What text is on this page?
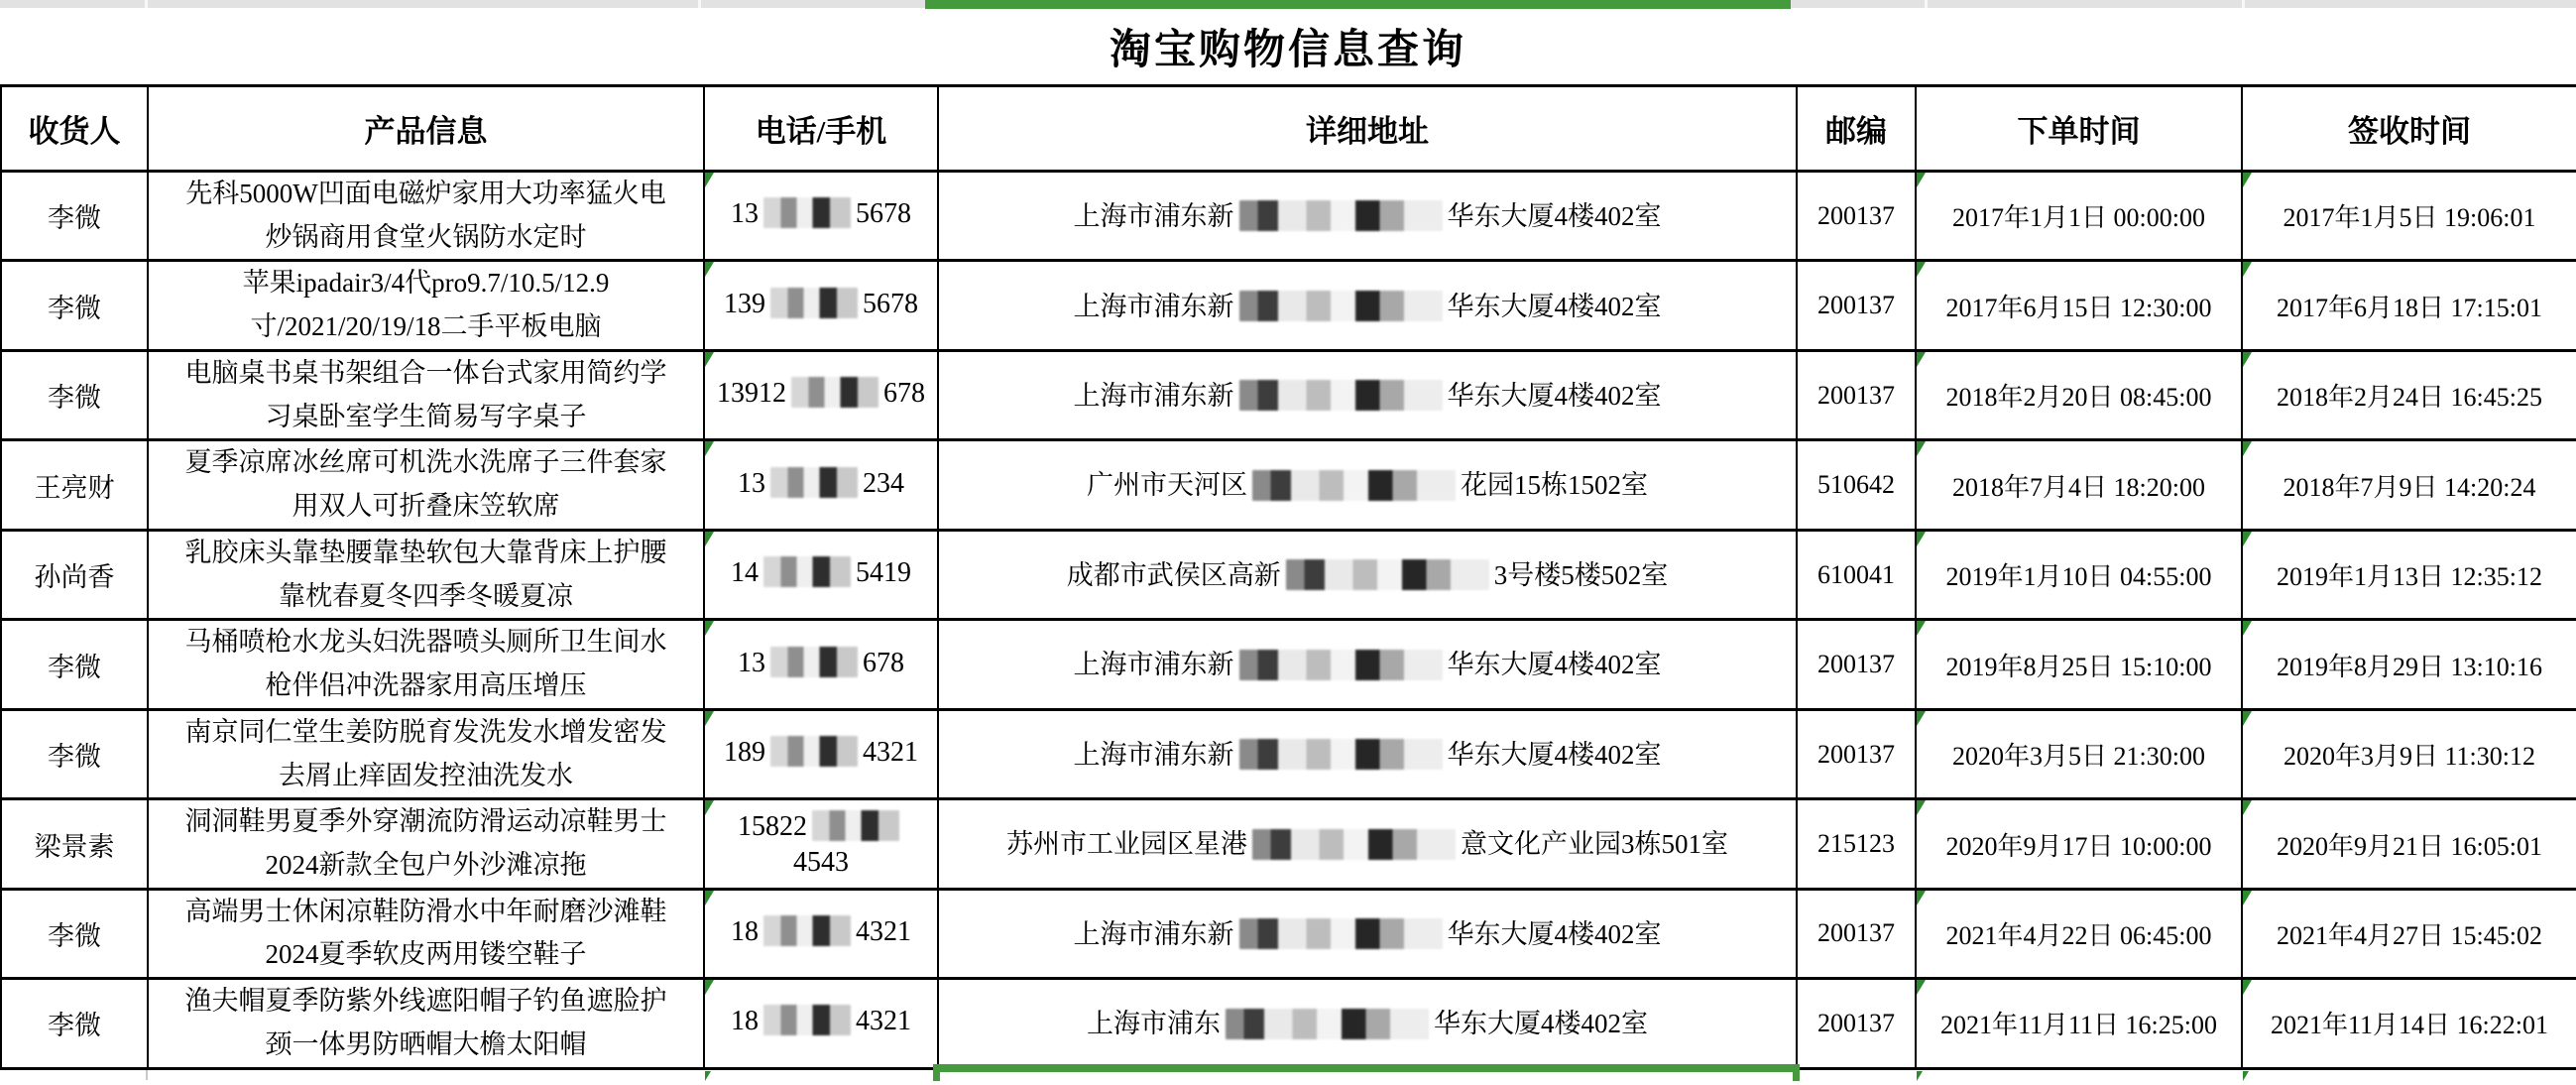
淘宝购物信息查询
收货人	产品信息	电话/手机	详细地址	邮编	下单时间	签收时间
李微	先科5000W凹面电磁炉家用大功率猛火电炒锅商用食堂火锅防水定时	13 5678	上海市浦东新 华东大厦4楼402室	200137	2017年1月1日 00:00:00	2017年1月5日 19:06:01
李微	苹果ipadair3/4代pro9.7/10.5/12.9寸/2021/20/19/18二手平板电脑	139 5678	上海市浦东新 华东大厦4楼402室	200137	2017年6月15日 12:30:00	2017年6月18日 17:15:01
李微	电脑桌书桌书架组合一体台式家用简约学习桌卧室学生简易写字桌子	13912 678	上海市浦东新 华东大厦4楼402室	200137	2018年2月20日 08:45:00	2018年2月24日 16:45:25
王亮财	夏季凉席冰丝席可机洗水洗席子三件套家用双人可折叠床笠软席	13 234	广州市天河区 花园15栋1502室	510642	2018年7月4日 18:20:00	2018年7月9日 14:20:24
孙尚香	乳胶床头靠垫腰靠垫软包大靠背床上护腰靠枕春夏冬四季冬暖夏凉	14 5419	成都市武侯区高新 3号楼5楼502室	610041	2019年1月10日 04:55:00	2019年1月13日 12:35:12
李微	马桶喷枪水龙头妇洗器喷头厕所卫生间水枪伴侣冲洗器家用高压增压	13 678	上海市浦东新 华东大厦4楼402室	200137	2019年8月25日 15:10:00	2019年8月29日 13:10:16
李微	南京同仁堂生姜防脱育发洗发水增发密发去屑止痒固发控油洗发水	189 4321	上海市浦东新 华东大厦4楼402室	200137	2020年3月5日 21:30:00	2020年3月9日 11:30:12
梁景素	洞洞鞋男夏季外穿潮流防滑运动凉鞋男士2024新款全包户外沙滩凉拖	158224543	苏州市工业园区星港 意文化产业园3栋501室	215123	2020年9月17日 10:00:00	2020年9月21日 16:05:01
李微	高端男士休闲凉鞋防滑水中年耐磨沙滩鞋2024夏季软皮两用镂空鞋子	18 4321	上海市浦东新 华东大厦4楼402室	200137	2021年4月22日 06:45:00	2021年4月27日 15:45:02
李微	渔夫帽夏季防紫外线遮阳帽子钓鱼遮脸护颈一体男防晒帽大檐太阳帽	18 4321	上海市浦东 华东大厦4楼402室	200137	2021年11月11日 16:25:00	2021年11月14日 16:22:01
